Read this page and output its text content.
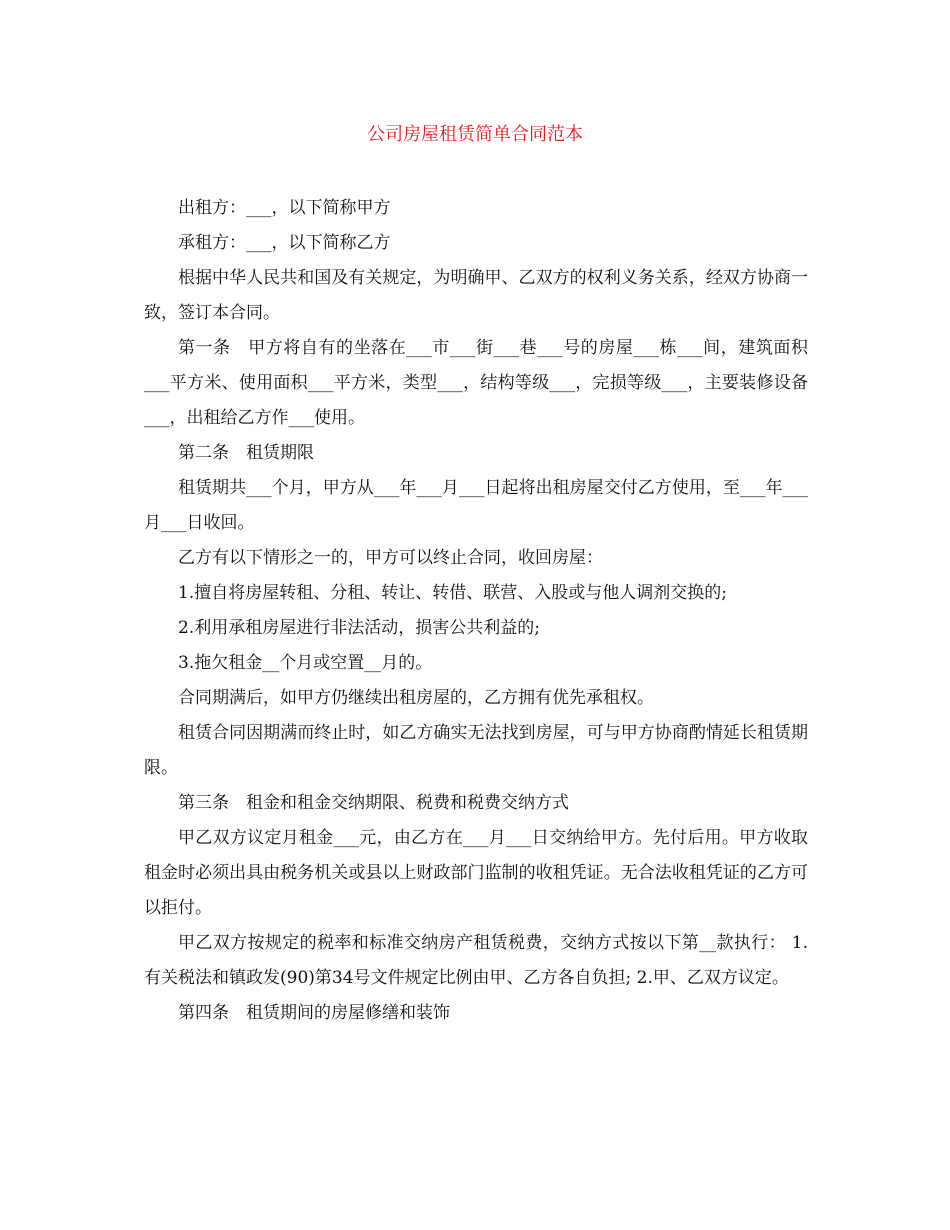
公司房屋租赁简单合同范本

出租方：___，以下简称甲方

承租方：___，以下简称乙方

根据中华人民共和国及有关规定，为明确甲、乙双方的权利义务关系，经双方协商一致，签订本合同。

第一条　甲方将自有的坐落在___市___街___巷___号的房屋___栋___间，建筑面积___平方米、使用面积___平方米，类型___，结构等级___，完损等级___，主要装修设备___，出租给乙方作___使用。

第二条　租赁期限

租赁期共___个月，甲方从___年___月___日起将出租房屋交付乙方使用，至___年___月___日收回。

乙方有以下情形之一的，甲方可以终止合同，收回房屋：

1.擅自将房屋转租、分租、转让、转借、联营、入股或与他人调剂交换的;

2.利用承租房屋进行非法活动，损害公共利益的;

3.拖欠租金__个月或空置__月的。

合同期满后，如甲方仍继续出租房屋的，乙方拥有优先承租权。

租赁合同因期满而终止时，如乙方确实无法找到房屋，可与甲方协商酌情延长租赁期限。

第三条　租金和租金交纳期限、税费和税费交纳方式

甲乙双方议定月租金___元，由乙方在___月___日交纳给甲方。先付后用。甲方收取租金时必须出具由税务机关或县以上财政部门监制的收租凭证。无合法收租凭证的乙方可以拒付。

甲乙双方按规定的税率和标准交纳房产租赁税费，交纳方式按以下第__款执行： 1.有关税法和镇政发(90)第34号文件规定比例由甲、乙方各自负担; 2.甲、乙双方议定。

第四条　租赁期间的房屋修缮和装饰
